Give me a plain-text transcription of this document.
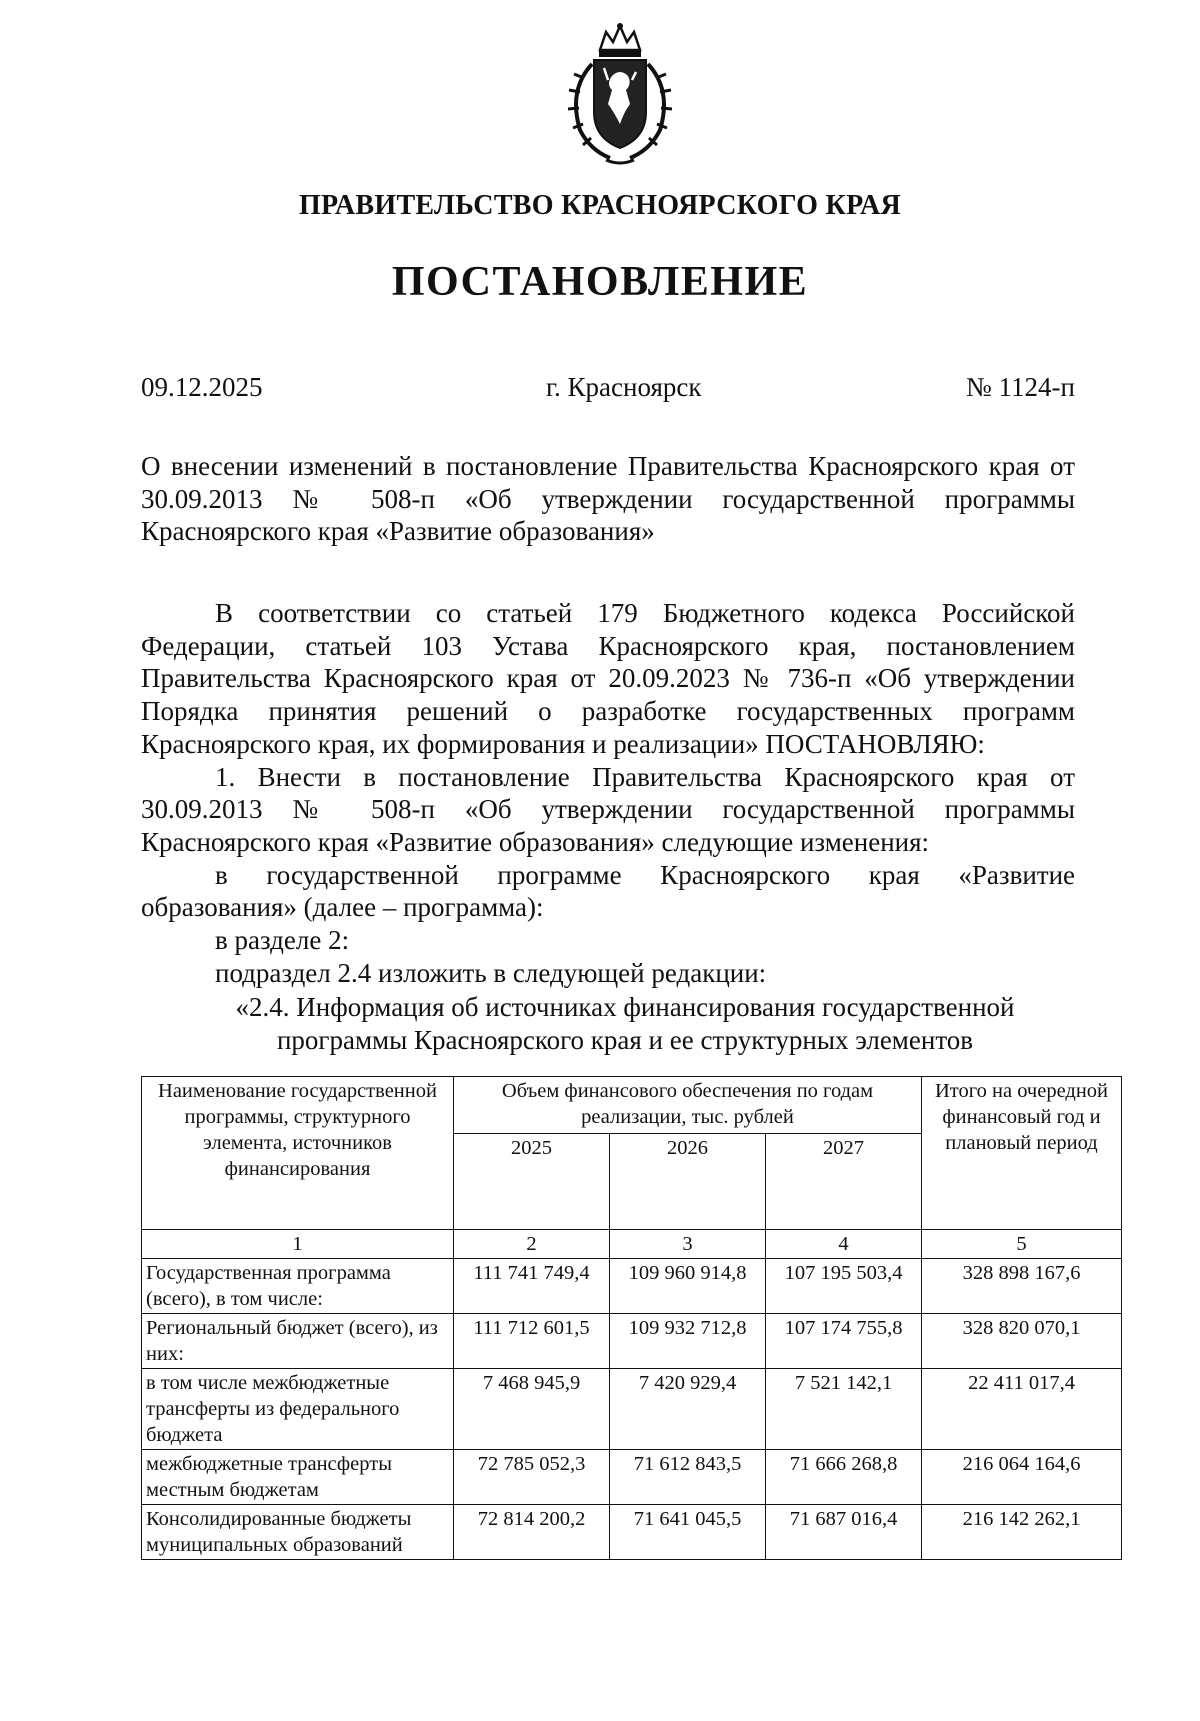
ПРАВИТЕЛЬСТВО КРАСНОЯРСКОГО КРАЯ
ПОСТАНОВЛЕНИЕ
09.12.2025	г. Красноярск	№ 1124-п

О внесении изменений в постановление Правительства Красноярского края от 30.09.2013 № 508-п «Об утверждении государственной программы Красноярского края «Развитие образования»

В соответствии со статьей 179 Бюджетного кодекса Российской Федерации, статьей 103 Устава Красноярского края, постановлением Правительства Красноярского края от 20.09.2023 № 736-п «Об утверждении Порядка принятия решений о разработке государственных программ Красноярского края, их формирования и реализации» ПОСТАНОВЛЯЮ:

1. Внести в постановление Правительства Красноярского края от 30.09.2013 № 508-п «Об утверждении государственной программы Красноярского края «Развитие образования» следующие изменения:

в государственной программе Красноярского края «Развитие образования» (далее – программа):

в разделе 2:

подраздел 2.4 изложить в следующей редакции:

«2.4. Информация об источниках финансирования государственной
программы Красноярского края и ее структурных элементов
Наименование государственной программы, структурного элемента, источников финансирования	Объем финансового обеспечения по годам реализации, тыс. рублей			Итого на очередной финансовый год и плановый период
	2025	2026	2027	
1	2	3	4	5
Государственная программа (всего), в том числе:	111 741 749,4	109 960 914,8	107 195 503,4	328 898 167,6
Региональный бюджет (всего), из них:	111 712 601,5	109 932 712,8	107 174 755,8	328 820 070,1
в том числе межбюджетные трансферты из федерального бюджета	7 468 945,9	7 420 929,4	7 521 142,1	22 411 017,4
межбюджетные трансферты местным бюджетам	72 785 052,3	71 612 843,5	71 666 268,8	216 064 164,6
Консолидированные бюджеты муниципальных образований	72 814 200,2	71 641 045,5	71 687 016,4	216 142 262,1
